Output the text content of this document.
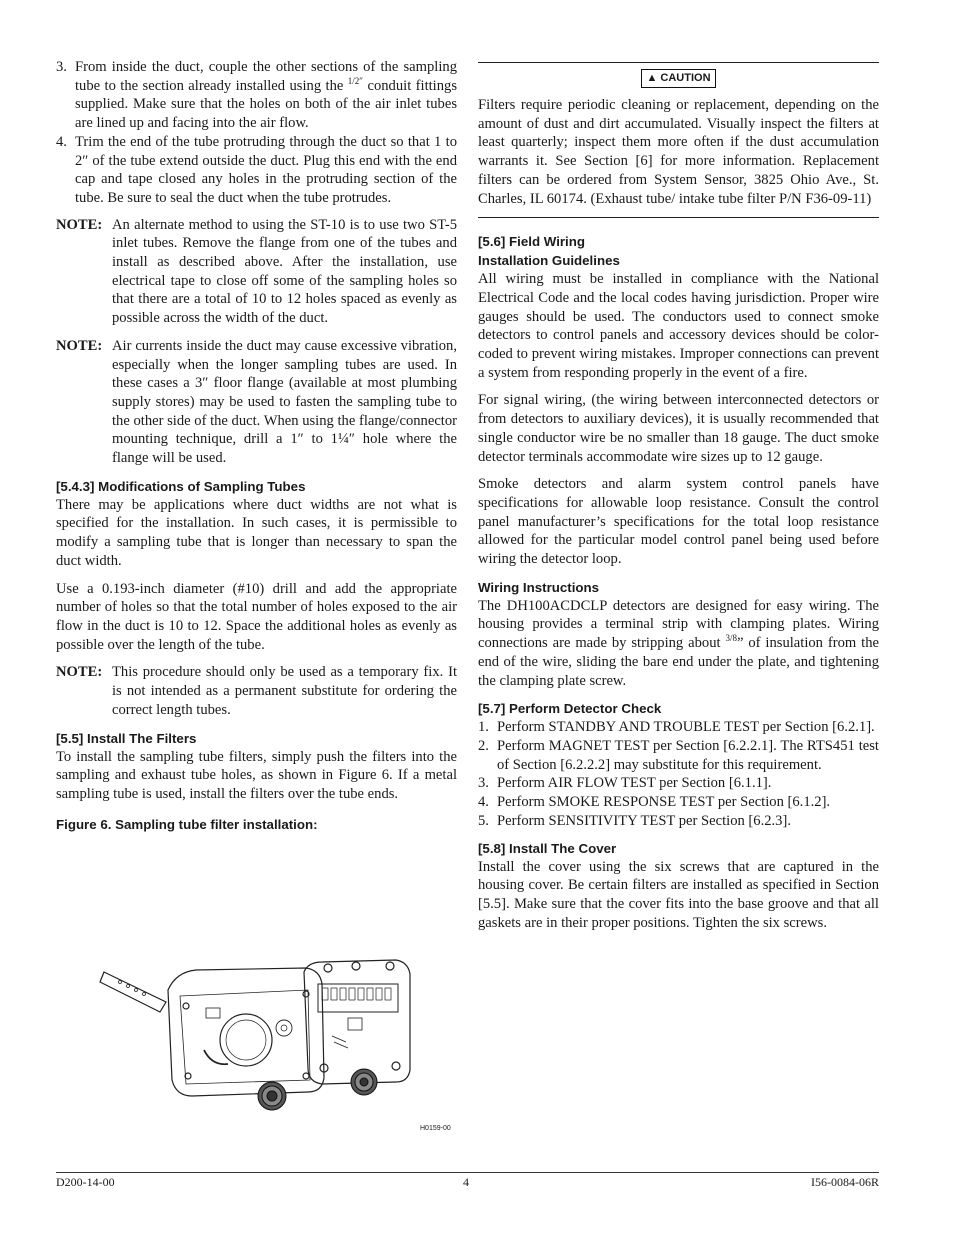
3. From inside the duct, couple the other sections of the sampling tube to the section already installed using the $^{1/2''}$ conduit fittings supplied. Make sure that the holes on both of the air inlet tubes are lined up and facing into the air flow.
4. Trim the end of the tube protruding through the duct so that 1 to 2″ of the tube extend outside the duct. Plug this end with the end cap and tape closed any holes in the protruding section of the tube. Be sure to seal the duct when the tube protrudes.
NOTE: An alternate method to using the ST-10 is to use two ST-5 inlet tubes. Remove the flange from one of the tubes and install as described above. After the installation, use electrical tape to close off some of the sampling holes so that there are a total of 10 to 12 holes spaced as evenly as possible across the width of the duct.
NOTE: Air currents inside the duct may cause excessive vibration, especially when the longer sampling tubes are used. In these cases a 3″ floor flange (available at most plumbing supply stores) may be used to fasten the sampling tube to the other side of the duct. When using the flange/connector mounting technique, drill a 1″ to 1¼″ hole where the flange will be used.
[5.4.3] Modifications of Sampling Tubes

There may be applications where duct widths are not what is specified for the installation. In such cases, it is permissible to modify a sampling tube that is longer than necessary to span the duct width.

Use a 0.193-inch diameter (#10) drill and add the appropriate number of holes so that the total number of holes exposed to the air flow in the duct is 10 to 12. Space the additional holes as evenly as possible over the length of the tube.

NOTE: This procedure should only be used as a temporary fix. It is not intended as a permanent substitute for ordering the correct length tubes.
[5.5] Install The Filters

To install the sampling tube filters, simply push the filters into the sampling and exhaust tube holes, as shown in Figure 6. If a metal sampling tube is used, install the filters over the tube ends.

Figure 6. Sampling tube filter installation:
H0159-00
▲ CAUTION

Filters require periodic cleaning or replacement, depending on the amount of dust and dirt accumulated. Visually inspect the filters at least quarterly; inspect them more often if the dust accumulation warrants it. See Section [6] for more information. Replacement filters can be ordered from System Sensor, 3825 Ohio Ave., St. Charles, IL 60174. (Exhaust tube/ intake tube filter P/N F36-09-11)

[5.6] Field Wiring
Installation Guidelines

All wiring must be installed in compliance with the National Electrical Code and the local codes having jurisdiction. Proper wire gauges should be used. The conductors used to connect smoke detectors to control panels and accessory devices should be color-coded to prevent wiring mistakes. Improper connections can prevent a system from responding properly in the event of a fire.

For signal wiring, (the wiring between interconnected detectors or from detectors to auxiliary devices), it is usually recommended that single conductor wire be no smaller than 18 gauge. The duct smoke detector terminals accommodate wire sizes up to 12 gauge.

Smoke detectors and alarm system control panels have specifications for allowable loop resistance. Consult the control panel manufacturer’s specifications for the total loop resistance allowed for the particular model control panel being used before wiring the detector loop.

Wiring Instructions

The DH100ACDCLP detectors are designed for easy wiring. The housing provides a terminal strip with clamping plates. Wiring connections are made by stripping about $^{3/8}$” of insulation from the end of the wire, sliding the bare end under the plate, and tightening the clamping plate screw.

[5.7] Perform Detector Check
1. Perform STANDBY AND TROUBLE TEST per Section [6.2.1].
2. Perform MAGNET TEST per Section [6.2.2.1]. The RTS451 test of Section [6.2.2.2] may substitute for this requirement.
3. Perform AIR FLOW TEST per Section [6.1.1].
4. Perform SMOKE RESPONSE TEST per Section [6.1.2].
5. Perform SENSITIVITY TEST per Section [6.2.3].
[5.8] Install The Cover

Install the cover using the six screws that are captured in the housing cover. Be certain filters are installed as specified in Section [5.5]. Make sure that the cover fits into the base groove and that all gaskets are in their proper positions. Tighten the six screws.

D200-14-00	4	I56-0084-06R
